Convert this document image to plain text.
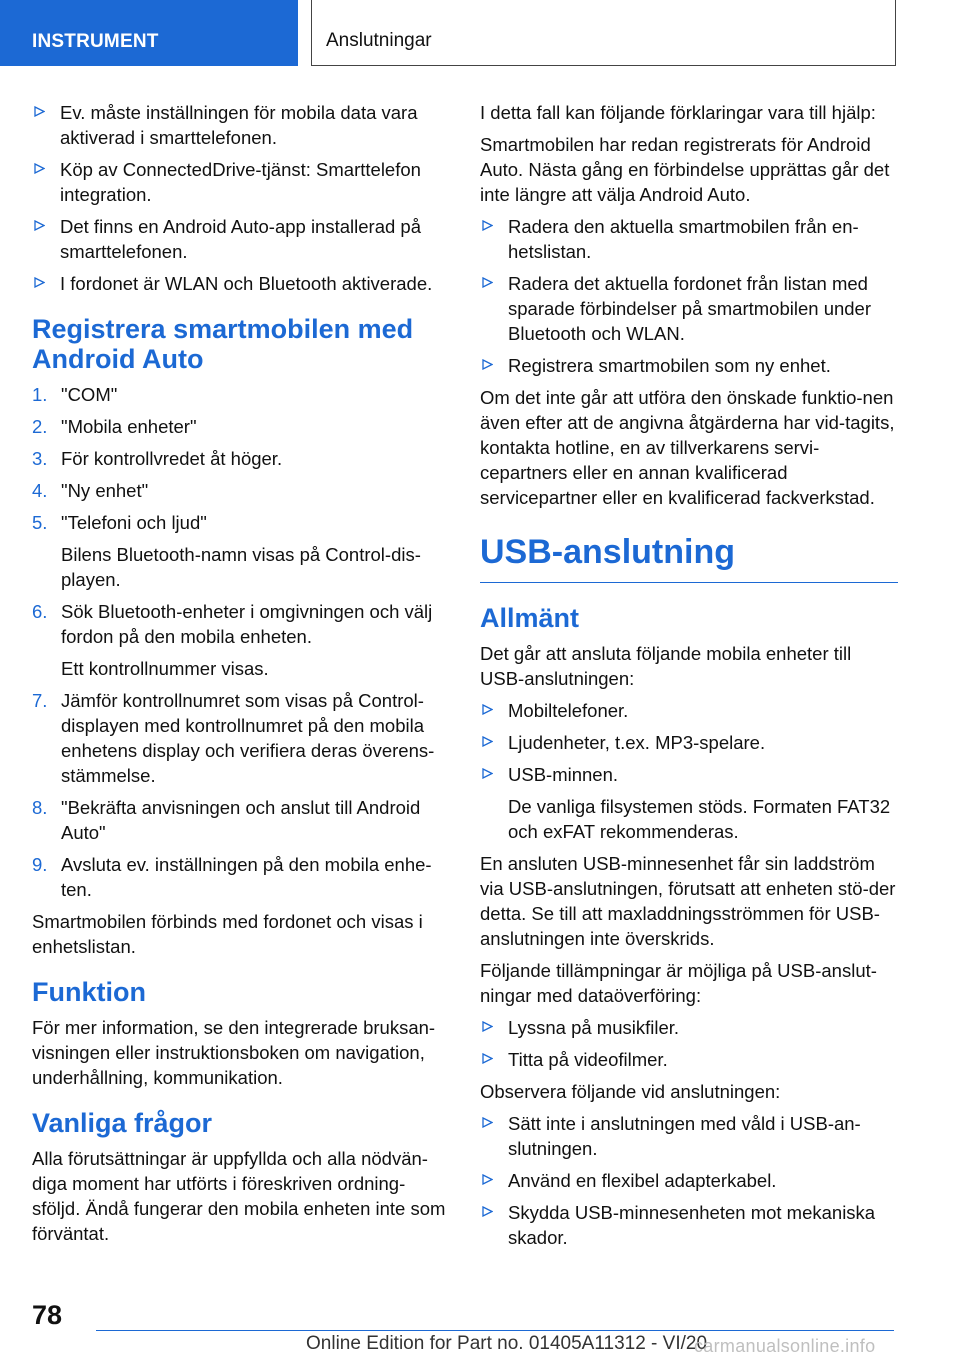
INSTRUMENT	Anslutningar
Ev. måste inställningen för mobila data vara aktiverad i smarttelefonen.
Köp av ConnectedDrive-tjänst: Smarttelefon integration.
Det finns en Android Auto-app installerad på smarttelefonen.
I fordonet är WLAN och Bluetooth aktiverade.
Registrera smartmobilen med Android Auto
1. "COM"
2. "Mobila enheter"
3. För kontrollvredet åt höger.
4. "Ny enhet"
5. "Telefoni och ljud"
Bilens Bluetooth-namn visas på Control-dis-playen.
6. Sök Bluetooth-enheter i omgivningen och välj fordon på den mobila enheten.
Ett kontrollnummer visas.
7. Jämför kontrollnumret som visas på Control-displayen med kontrollnumret på den mobila enhetens display och verifiera deras överens-stämmelse.
8. "Bekräfta anvisningen och anslut till Android Auto"
9. Avsluta ev. inställningen på den mobila enhe-ten.

Smartmobilen förbinds med fordonet och visas i enhetslistan.

Funktion

För mer information, se den integrerade bruksan-visningen eller instruktionsboken om navigation, underhållning, kommunikation.

Vanliga frågor

Alla förutsättningar är uppfyllda och alla nödvän-diga moment har utförts i föreskriven ordning-sföljd. Ändå fungerar den mobila enheten inte som förväntat.

I detta fall kan följande förklaringar vara till hjälp:

Smartmobilen har redan registrerats för Android Auto. Nästa gång en förbindelse upprättas går det inte längre att välja Android Auto.

Radera den aktuella smartmobilen från en-hetslistan.
Radera det aktuella fordonet från listan med sparade förbindelser på smartmobilen under Bluetooth och WLAN.
Registrera smartmobilen som ny enhet.

Om det inte går att utföra den önskade funktio-nen även efter att de angivna åtgärderna har vid-tagits, kontakta hotline, en av tillverkarens servi-cepartners eller en annan kvalificerad servicepartner eller en kvalificerad fackverkstad.

USB-anslutning
Allmänt

Det går att ansluta följande mobila enheter till USB-anslutningen:

Mobiltelefoner.
Ljudenheter, t.ex. MP3-spelare.
USB-minnen.
De vanliga filsystemen stöds. Formaten FAT32 och exFAT rekommenderas.

En ansluten USB-minnesenhet får sin laddström via USB-anslutningen, förutsatt att enheten stö-der detta. Se till att maxladdningsströmmen för USB-anslutningen inte överskrids.

Följande tillämpningar är möjliga på USB-anslut-ningar med dataöverföring:

Lyssna på musikfiler.
Titta på videofilmer.

Observera följande vid anslutningen:

Sätt inte i anslutningen med våld i USB-an-slutningen.
Använd en flexibel adapterkabel.
Skydda USB-minnesenheten mot mekaniska skador.
78
Online Edition for Part no. 01405A11312 - VI/20
carmanualsonline.info
